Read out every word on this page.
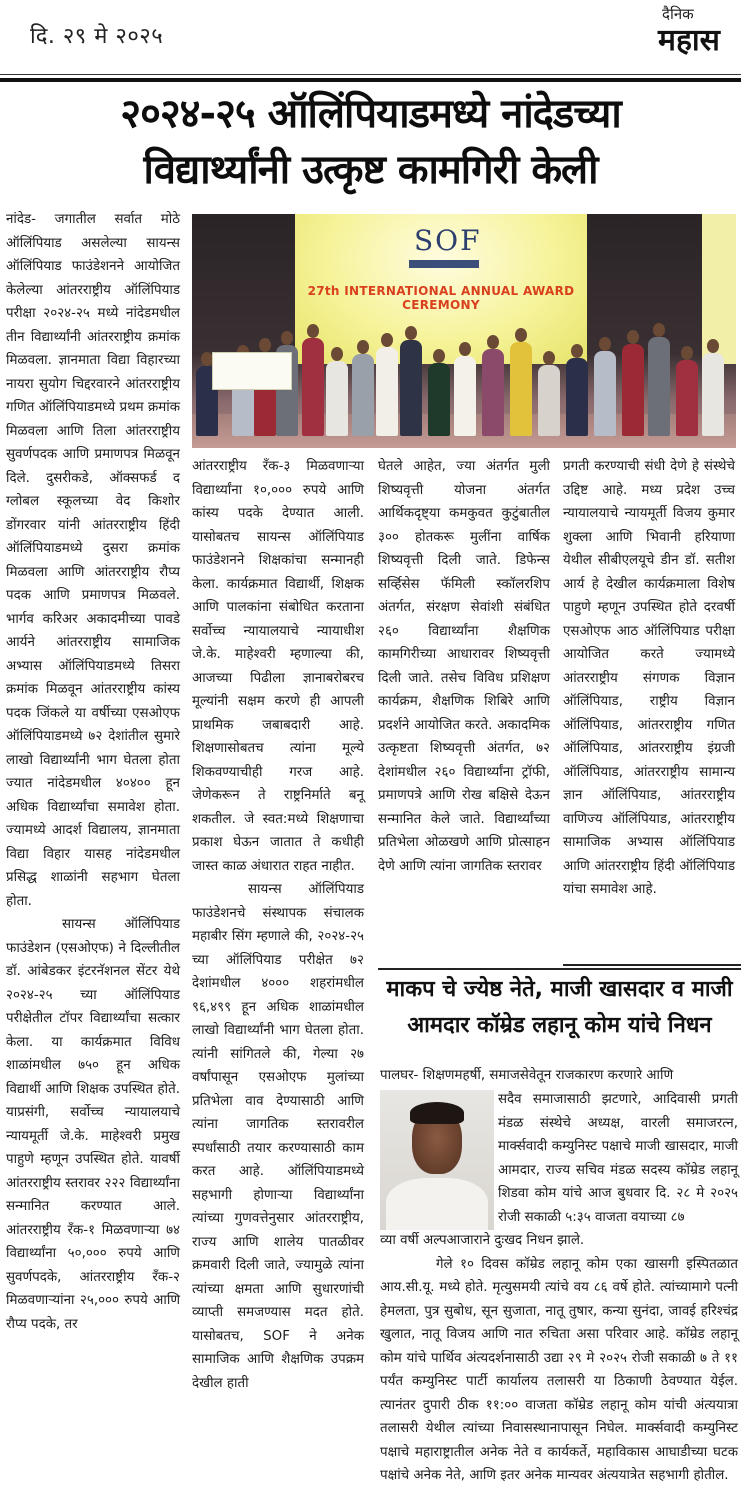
दि. २९ मे २०२५
दैनिक
महास
२०२४-२५ ऑलिंपियाडमध्ये नांदेडच्या
विद्यार्थ्यांनी उत्कृष्ट कामगिरी केली

नांदेड- जगातील सर्वात मोठे ऑलिंपियाड असलेल्या सायन्स ऑलिंपियाड फाउंडेशनने आयोजित केलेल्या आंतरराष्ट्रीय ऑलिंपियाड परीक्षा २०२४-२५ मध्ये नांदेडमधील तीन विद्यार्थ्यांनी आंतरराष्ट्रीय क्रमांक मिळवला. ज्ञानमाता विद्या विहारच्या नायरा सुयोग चिद्दरवारने आंतरराष्ट्रीय गणित ऑलिंपियाडमध्ये प्रथम क्रमांक मिळवला आणि तिला आंतरराष्ट्रीय सुवर्णपदक आणि प्रमाणपत्र मिळवून दिले. दुसरीकडे, ऑक्सफर्ड द ग्लोबल स्कूलच्या वेद किशोर डोंगरवार यांनी आंतरराष्ट्रीय हिंदी ऑलिंपियाडमध्ये दुसरा क्रमांक मिळवला आणि आंतरराष्ट्रीय रौप्य पदक आणि प्रमाणपत्र मिळवले. भार्गव करिअर अकादमीच्या पावडे आर्यने आंतरराष्ट्रीय सामाजिक अभ्यास ऑलिंपियाडमध्ये तिसरा क्रमांक मिळवून आंतरराष्ट्रीय कांस्य पदक जिंकले या वर्षीच्या एसओएफ ऑलिंपियाडमध्ये ७२ देशांतील सुमारे लाखो विद्यार्थ्यांनी भाग घेतला होता ज्यात नांदेडमधील ४०४०० हून अधिक विद्यार्थ्यांचा समावेश होता. ज्यामध्ये आदर्श विद्यालय, ज्ञानमाता विद्या विहार यासह नांदेडमधील प्रसिद्ध शाळांनी सहभाग घेतला होता.

सायन्स ऑलिंपियाड फाउंडेशन (एसओएफ) ने दिल्लीतील डॉ. आंबेडकर इंटरनॅशनल सेंटर येथे २०२४-२५ च्या ऑलिंपियाड परीक्षेतील टॉपर विद्यार्थ्यांचा सत्कार केला. या कार्यक्रमात विविध शाळांमधील ७५० हून अधिक विद्यार्थी आणि शिक्षक उपस्थित होते. याप्रसंगी, सर्वोच्च न्यायालयाचे न्यायमूर्ती जे.के. माहेश्वरी प्रमुख पाहुणे म्हणून उपस्थित होते. यावर्षी आंतरराष्ट्रीय स्तरावर २२२ विद्यार्थ्यांना सन्मानित करण्यात आले. आंतरराष्ट्रीय रँक-१ मिळवणाऱ्या ७४ विद्यार्थ्यांना ५०,००० रुपये आणि सुवर्णपदके, आंतरराष्ट्रीय रँक-२ मिळवणाऱ्यांना २५,००० रुपये आणि रौप्य पदके, तर

SOF
27th INTERNATIONAL ANNUAL AWARD CEREMONY

आंतरराष्ट्रीय रँक-३ मिळवणाऱ्या विद्यार्थ्यांना १०,००० रुपये आणि कांस्य पदके देण्यात आली. यासोबतच सायन्स ऑलिंपियाड फाउंडेशनने शिक्षकांचा सन्मानही केला. कार्यक्रमात विद्यार्थी, शिक्षक आणि पालकांना संबोधित करताना सर्वोच्च न्यायालयाचे न्यायाधीश जे.के. माहेश्वरी म्हणाल्या की, आजच्या पिढीला ज्ञानाबरोबरच मूल्यांनी सक्षम करणे ही आपली प्राथमिक जबाबदारी आहे. शिक्षणासोबतच त्यांना मूल्ये शिकवण्याचीही गरज आहे. जेणेकरून ते राष्ट्रनिर्माते बनू शकतील. जे स्वत:मध्ये शिक्षणाचा प्रकाश घेऊन जातात ते कधीही जास्त काळ अंधारात राहत नाहीत.

सायन्स ऑलिंपियाड फाउंडेशनचे संस्थापक संचालक महाबीर सिंग म्हणाले की, २०२४-२५ च्या ऑलिंपियाड परीक्षेत ७२ देशांमधील ४००० शहरांमधील ९६,४९९ हून अधिक शाळांमधील लाखो विद्यार्थ्यांनी भाग घेतला होता. त्यांनी सांगितले की, गेल्या २७ वर्षांपासून एसओएफ मुलांच्या प्रतिभेला वाव देण्यासाठी आणि त्यांना जागतिक स्तरावरील स्पर्धांसाठी तयार करण्यासाठी काम करत आहे. ऑलिंपियाडमध्ये सहभागी होणाऱ्या विद्यार्थ्यांना त्यांच्या गुणवत्तेनुसार आंतरराष्ट्रीय, राज्य आणि शालेय पातळीवर क्रमवारी दिली जाते, ज्यामुळे त्यांना त्यांच्या क्षमता आणि सुधारणांची व्याप्ती समजण्यास मदत होते. यासोबतच, SOF ने अनेक सामाजिक आणि शैक्षणिक उपक्रम देखील हाती

घेतले आहेत, ज्या अंतर्गत मुली शिष्यवृत्ती योजना अंतर्गत आर्थिकदृष्ट्या कमकुवत कुटुंबातील ३०० होतकरू मुलींना वार्षिक शिष्यवृत्ती दिली जाते. डिफेन्स सर्व्हिसेस फॅमिली स्कॉलरशिप अंतर्गत, संरक्षण सेवांशी संबंधित २६० विद्यार्थ्यांना शैक्षणिक कामगिरीच्या आधारावर शिष्यवृत्ती दिली जाते. तसेच विविध प्रशिक्षण कार्यक्रम, शैक्षणिक शिबिरे आणि प्रदर्शने आयोजित करते. अकादमिक उत्कृष्टता शिष्यवृत्ती अंतर्गत, ७२ देशांमधील २६० विद्यार्थ्यांना ट्रॉफी, प्रमाणपत्रे आणि रोख बक्षिसे देऊन सन्मानित केले जाते. विद्यार्थ्यांच्या प्रतिभेला ओळखणे आणि प्रोत्साहन देणे आणि त्यांना जागतिक स्तरावर

प्रगती करण्याची संधी देणे हे संस्थेचे उद्दिष्ट आहे. मध्य प्रदेश उच्च न्यायालयाचे न्यायमूर्ती विजय कुमार शुक्ला आणि भिवानी हरियाणा येथील सीबीएलयूचे डीन डॉ. सतीश आर्य हे देखील कार्यक्रमाला विशेष पाहुणे म्हणून उपस्थित होते दरवर्षी एसओएफ आठ ऑलिंपियाड परीक्षा आयोजित करते ज्यामध्ये आंतरराष्ट्रीय संगणक विज्ञान ऑलिंपियाड, राष्ट्रीय विज्ञान ऑलिंपियाड, आंतरराष्ट्रीय गणित ऑलिंपियाड, आंतरराष्ट्रीय इंग्रजी ऑलिंपियाड, आंतरराष्ट्रीय सामान्य ज्ञान ऑलिंपियाड, आंतरराष्ट्रीय वाणिज्य ऑलिंपियाड, आंतरराष्ट्रीय सामाजिक अभ्यास ऑलिंपियाड आणि आंतरराष्ट्रीय हिंदी ऑलिंपियाड यांचा समावेश आहे.

माकप चे ज्येष्ठ नेते, माजी खासदार व माजी
आमदार कॉम्रेड लहानू कोम यांचे निधन

पालघर- शिक्षणमहर्षी, समाजसेवेतून राजकारण करणारे आणि

सदैव समाजासाठी झटणारे, आदिवासी प्रगती मंडळ संस्थेचे अध्यक्ष, वारली समाजरत्न, मार्क्सवादी कम्युनिस्ट पक्षाचे माजी खासदार, माजी आमदार, राज्य सचिव मंडळ सदस्य कॉम्रेड लहानू शिडवा कोम यांचे आज बुधवार दि. २८ मे २०२५ रोजी सकाळी ५:३५ वाजता वयाच्या ८७

व्या वर्षी अल्पआजाराने दुःखद निधन झाले.

गेले १० दिवस कॉम्रेड लहानू कोम एका खासगी इस्पितळात आय.सी.यू. मध्ये होते. मृत्युसमयी त्यांचे वय ८६ वर्षे होते. त्यांच्यामागे पत्नी हेमलता, पुत्र सुबोध, सून सुजाता, नातू तुषार, कन्या सुनंदा, जावई हरिश्चंद्र खुलात, नातू विजय आणि नात रुचिता असा परिवार आहे. कॉम्रेड लहानू कोम यांचे पार्थिव अंत्यदर्शनासाठी उद्या २९ मे २०२५ रोजी सकाळी ७ ते ११ पर्यंत कम्युनिस्ट पार्टी कार्यालय तलासरी या ठिकाणी ठेवण्यात येईल. त्यानंतर दुपारी ठीक ११:०० वाजता कॉम्रेड लहानू कोम यांची अंत्ययात्रा तलासरी येथील त्यांच्या निवासस्थानापासून निघेल. मार्क्सवादी कम्युनिस्ट पक्षाचे महाराष्ट्रातील अनेक नेते व कार्यकर्ते, महाविकास आघाडीच्या घटक पक्षांचे अनेक नेते, आणि इतर अनेक मान्यवर अंत्ययात्रेत सहभागी होतील.
